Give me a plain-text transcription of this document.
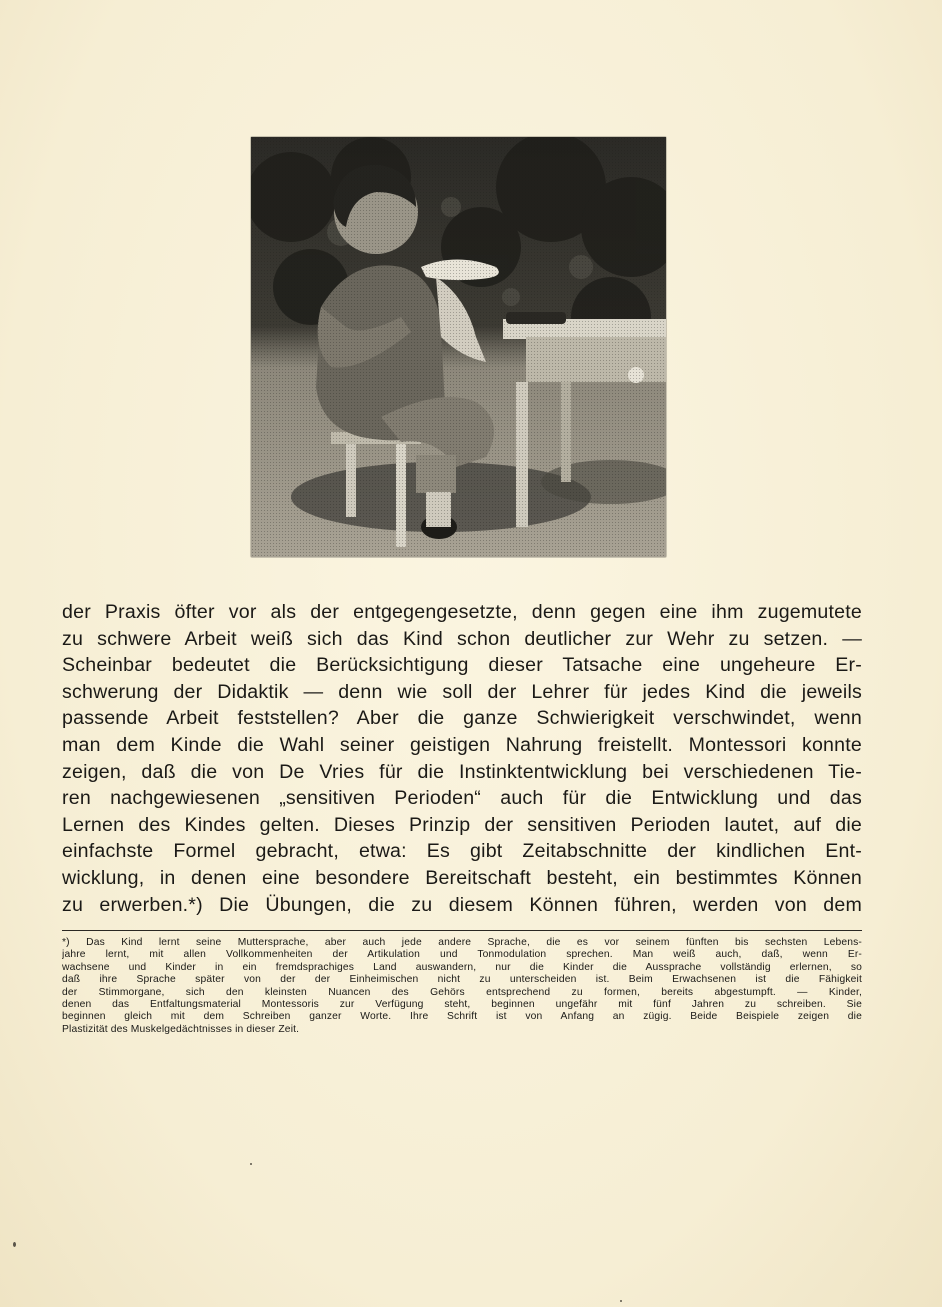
der Praxis öfter vor als der entgegengesetzte, denn gegen eine ihm zugemutete
zu schwere Arbeit weiß sich das Kind schon deutlicher zur Wehr zu setzen. —
Scheinbar bedeutet die Berücksichtigung dieser Tatsache eine ungeheure Er-
schwerung der Didaktik — denn wie soll der Lehrer für jedes Kind die jeweils
passende Arbeit feststellen? Aber die ganze Schwierigkeit verschwindet, wenn
man dem Kinde die Wahl seiner geistigen Nahrung freistellt. Montessori konnte
zeigen, daß die von De Vries für die Instinktentwicklung bei verschiedenen Tie-
ren nachgewiesenen „sensitiven Perioden“ auch für die Entwicklung und das
Lernen des Kindes gelten. Dieses Prinzip der sensitiven Perioden lautet, auf die
einfachste Formel gebracht, etwa: Es gibt Zeitabschnitte der kindlichen Ent-
wicklung, in denen eine besondere Bereitschaft besteht, ein bestimmtes Können
zu erwerben.*) Die Übungen, die zu diesem Können führen, werden von dem
*) Das Kind lernt seine Muttersprache, aber auch jede andere Sprache, die es vor seinem fünften bis sechsten Lebens-
jahre lernt, mit allen Vollkommenheiten der Artikulation und Tonmodulation sprechen. Man weiß auch, daß, wenn Er-
wachsene und Kinder in ein fremdsprachiges Land auswandern, nur die Kinder die Aussprache vollständig erlernen, so
daß ihre Sprache später von der der Einheimischen nicht zu unterscheiden ist. Beim Erwachsenen ist die Fähigkeit
der Stimmorgane, sich den kleinsten Nuancen des Gehörs entsprechend zu formen, bereits abgestumpft. — Kinder,
denen das Entfaltungsmaterial Montessoris zur Verfügung steht, beginnen ungefähr mit fünf Jahren zu schreiben. Sie
beginnen gleich mit dem Schreiben ganzer Worte. Ihre Schrift ist von Anfang an zügig. Beide Beispiele zeigen die
Plastizität des Muskelgedächtnisses in dieser Zeit.
